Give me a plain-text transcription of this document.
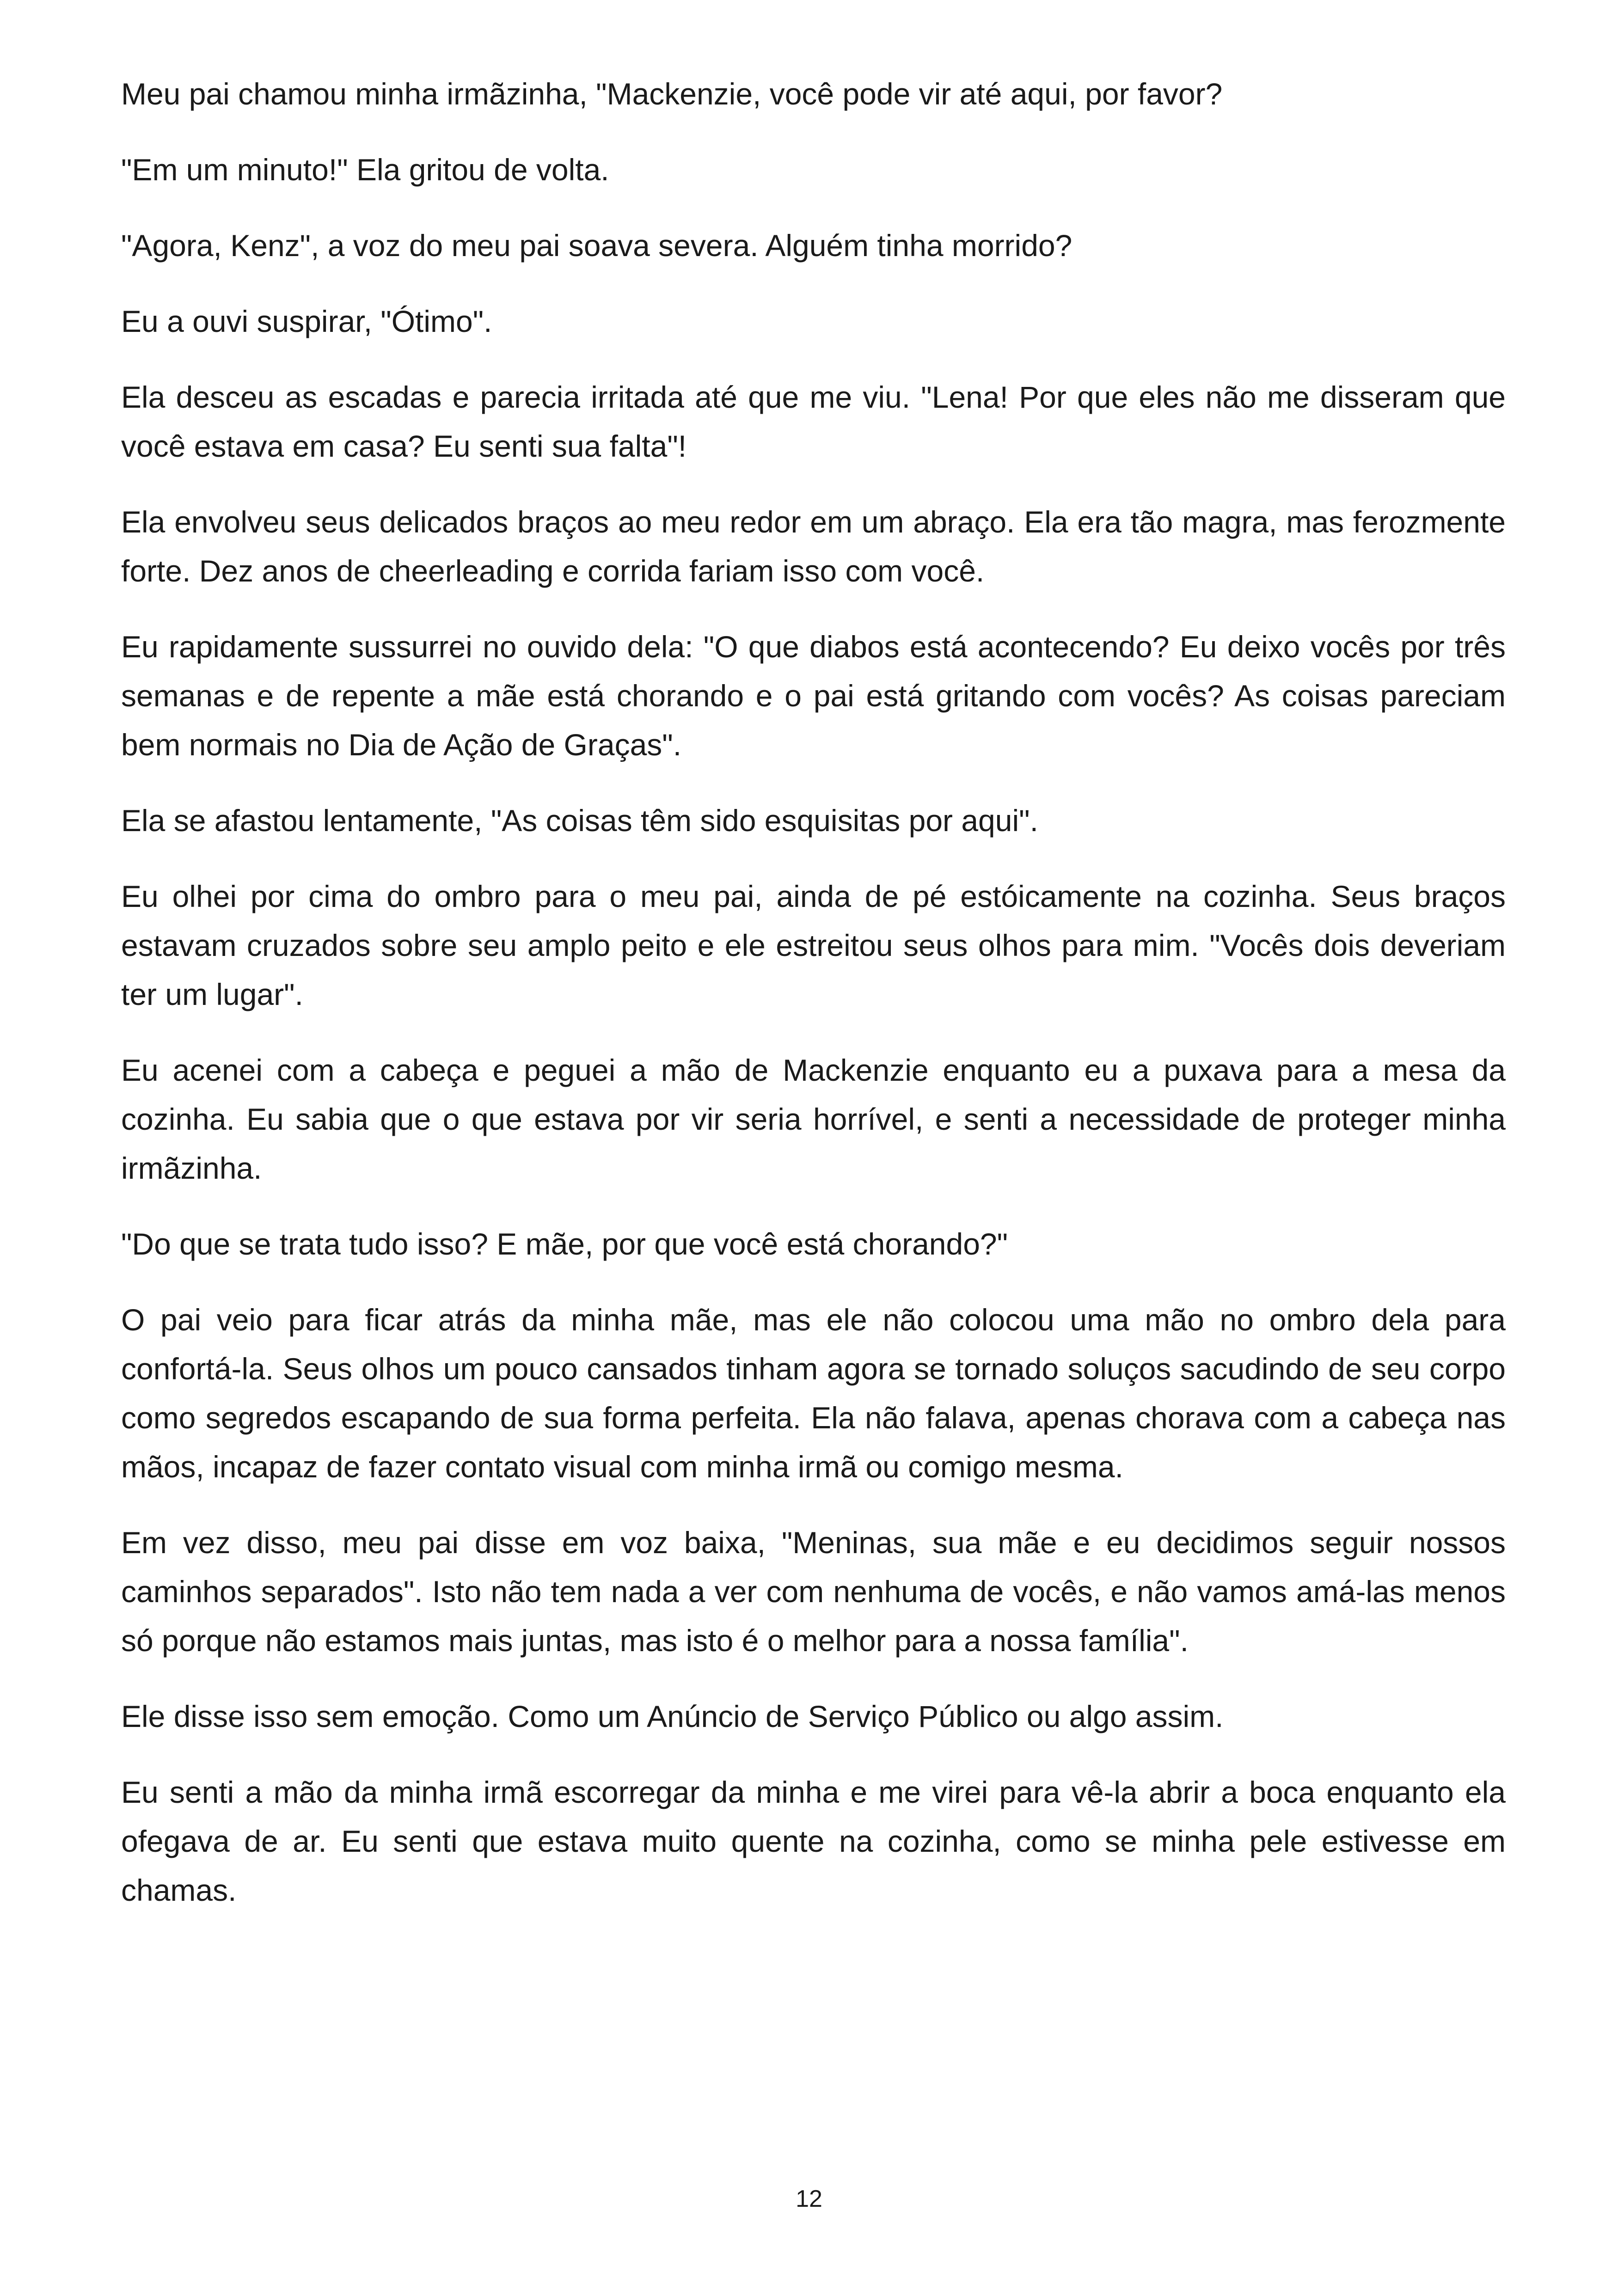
Meu pai chamou minha irmãzinha, "Mackenzie, você pode vir até aqui, por favor?

"Em um minuto!" Ela gritou de volta.

"Agora, Kenz", a voz do meu pai soava severa. Alguém tinha morrido?

Eu a ouvi suspirar, "Ótimo".

Ela desceu as escadas e parecia irritada até que me viu. "Lena! Por que eles não me disseram que você estava em casa? Eu senti sua falta"!

Ela envolveu seus delicados braços ao meu redor em um abraço. Ela era tão magra, mas ferozmente forte. Dez anos de cheerleading e corrida fariam isso com você.

Eu rapidamente sussurrei no ouvido dela: "O que diabos está acontecendo? Eu deixo vocês por três semanas e de repente a mãe está chorando e o pai está gritando com vocês? As coisas pareciam bem normais no Dia de Ação de Graças".

Ela se afastou lentamente, "As coisas têm sido esquisitas por aqui".

Eu olhei por cima do ombro para o meu pai, ainda de pé estóicamente na cozinha. Seus braços estavam cruzados sobre seu amplo peito e ele estreitou seus olhos para mim. "Vocês dois deveriam ter um lugar".

Eu acenei com a cabeça e peguei a mão de Mackenzie enquanto eu a puxava para a mesa da cozinha. Eu sabia que o que estava por vir seria horrível, e senti a necessidade de proteger minha irmãzinha.

"Do que se trata tudo isso? E mãe, por que você está chorando?"

O pai veio para ficar atrás da minha mãe, mas ele não colocou uma mão no ombro dela para confortá-la. Seus olhos um pouco cansados tinham agora se tornado soluços sacudindo de seu corpo como segredos escapando de sua forma perfeita. Ela não falava, apenas chorava com a cabeça nas mãos, incapaz de fazer contato visual com minha irmã ou comigo mesma.

Em vez disso, meu pai disse em voz baixa, "Meninas, sua mãe e eu decidimos seguir nossos caminhos separados". Isto não tem nada a ver com nenhuma de vocês, e não vamos amá-las menos só porque não estamos mais juntas, mas isto é o melhor para a nossa família".

Ele disse isso sem emoção. Como um Anúncio de Serviço Público ou algo assim.

Eu senti a mão da minha irmã escorregar da minha e me virei para vê-la abrir a boca enquanto ela ofegava de ar. Eu senti que estava muito quente na cozinha, como se minha pele estivesse em chamas.

12
